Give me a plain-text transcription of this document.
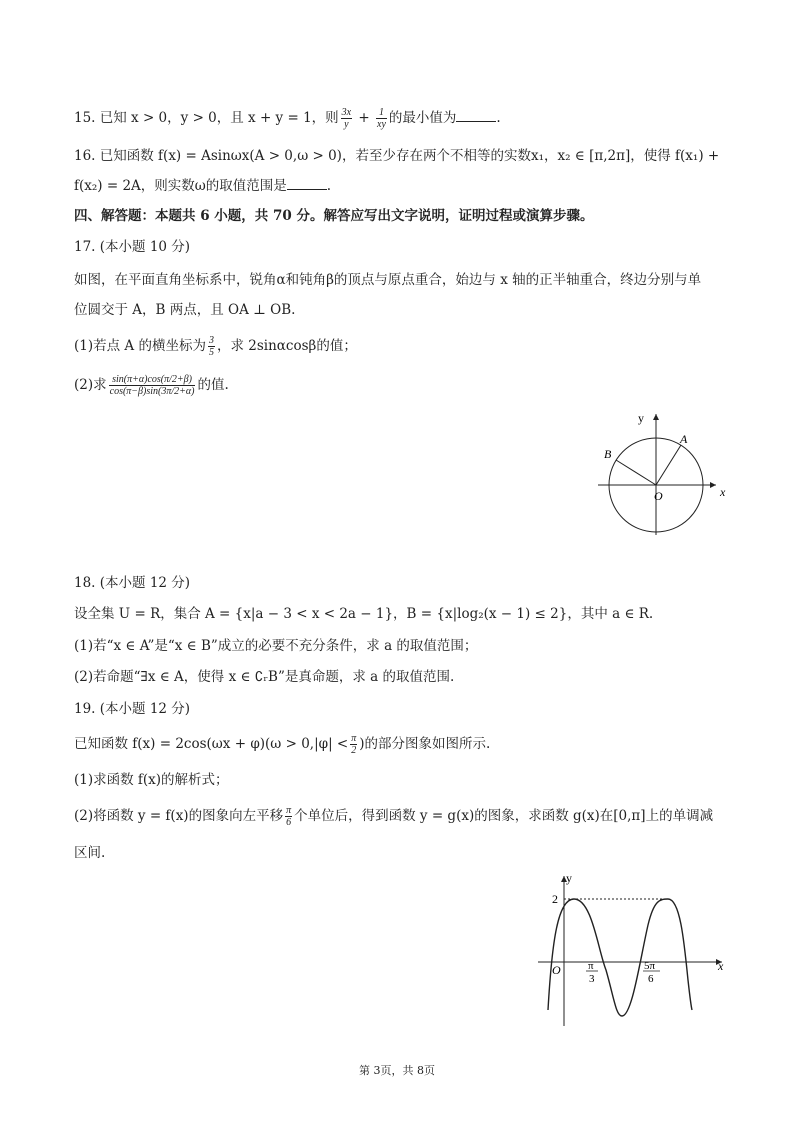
15. 已知 x > 0，y > 0，且 x + y = 1，则 $\frac{3x}{y} + \frac{1}{xy}$ 的最小值为	.
16. 已知函数 f(x) = Asinωx(A > 0,ω > 0)，若至少存在两个不相等的实数x₁，x₂ ∈ [π,2π]，使得 f(x₁) +
f(x₂) = 2A，则实数ω的取值范围是	.
四、解答题：本题共 6 小题，共 70 分。解答应写出文字说明，证明过程或演算步骤。
17. (本小题 10 分)
如图，在平面直角坐标系中，锐角α和钝角β的顶点与原点重合，始边与 x 轴的正半轴重合，终边分别与单
位圆交于 A，B 两点，且 OA ⊥ OB.
(1)若点 A 的横坐标为 $\frac{3}{5}$ ，求 2sinαcosβ的值；
(2)求 $\frac{\sin(\pi+\alpha)\cos(\pi/2+\beta)}{\cos(\pi-\beta)\sin(3\pi/2+\alpha)}$ 的值.
y
x
O
A
B
18. (本小题 12 分)
设全集 U = R，集合 A = {x|a − 3 < x < 2a − 1}，B = {x|log₂(x − 1) ≤ 2}，其中 a ∈ R.
(1)若“x ∈ A”是“x ∈ B”成立的必要不充分条件，求 a 的取值范围；
(2)若命题“∃x ∈ A，使得 x ∈ ∁ᵣB”是真命题，求 a 的取值范围.
19. (本小题 12 分)
已知函数 $f(x) = 2\cos(\omega x + \varphi)(\omega > 0,|\varphi| < \frac{\pi}{2}$ )的部分图象如图所示.
(1)求函数 f(x)的解析式；
(2)将函数 y = f(x)的图象向左平移 $\frac{\pi}{6}$ 个单位后，得到函数 y = g(x)的图象，求函数 g(x)在[0,π]上的单调减
区间.
y
x
O
2
π
3
5π
6
第 3页，共 8页
